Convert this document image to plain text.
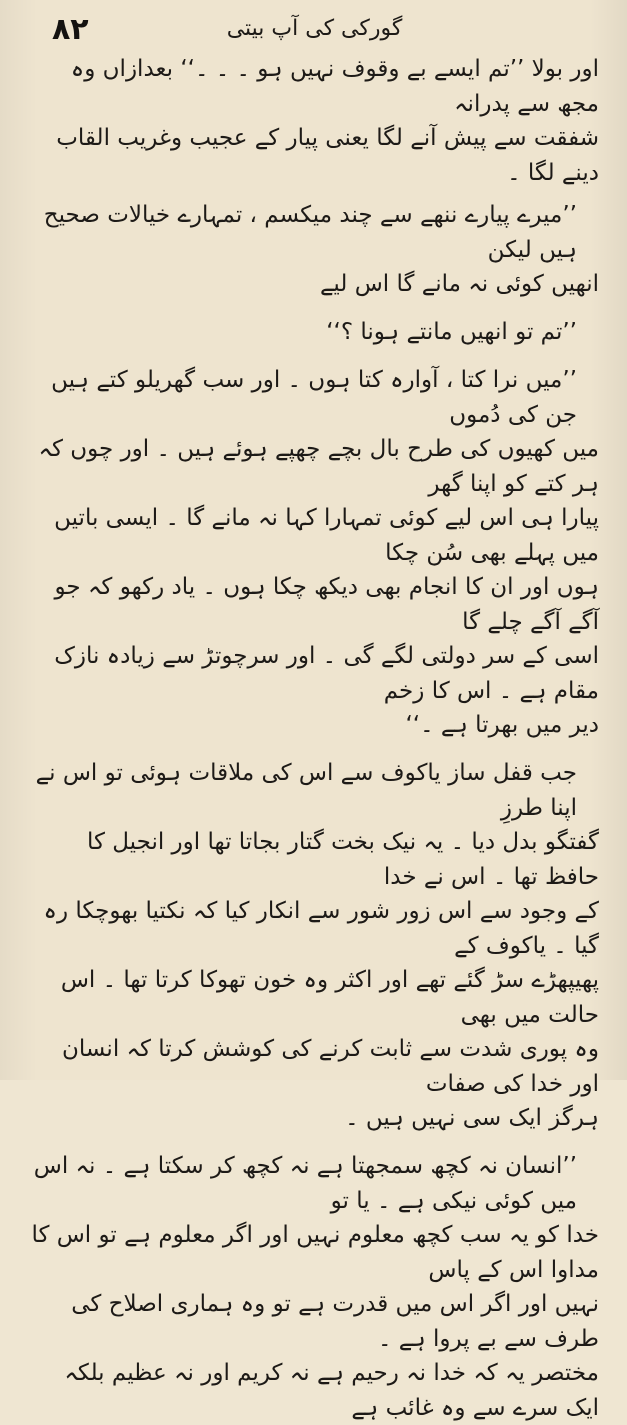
۸۲	گورکی کی آپ بیتی
اور بولا ’’تم ایسے بے وقوف نہیں ہو ۔ ۔ ۔‘‘ بعدازاں وہ مجھ سے پدرانہ
شفقت سے پیش آنے لگا یعنی پیار کے عجیب وغریب القاب دینے لگا ۔
’’میرے پیارے ننھے سے چند میکسم ، تمہارے خیالات صحیح ہیں لیکن
انھیں کوئی نہ مانے گا اس لیے
’’تم تو انھیں مانتے ہونا ؟‘‘
’’میں نرا کتا ، آوارہ کتا ہوں ۔ اور سب گھریلو کتے ہیں جن کی دُموں
میں کھیوں کی طرح بال بچے چھپے ہوئے ہیں ۔ اور چوں کہ ہر کتے کو اپنا گھر
پیارا ہی اس لیے کوئی تمہارا کہا نہ مانے گا ۔ ایسی باتیں میں پہلے بھی سُن چکا
ہوں اور ان کا انجام بھی دیکھ چکا ہوں ۔ یاد رکھو کہ جو آگے آگے چلے گا
اسی کے سر دولتی لگے گی ۔ اور سرچوتڑ سے زیادہ نازک مقام ہے ۔ اس کا زخم
دیر میں بھرتا ہے ۔‘‘
جب قفل ساز یاکوف سے اس کی ملاقات ہوئی تو اس نے اپنا طرزِ
گفتگو بدل دیا ۔ یہ نیک بخت گتار بجاتا تھا اور انجیل کا حافظ تھا ۔ اس نے خدا
کے وجود سے اس زور شور سے انکار کیا کہ نکتیا بھوچکا رہ گیا ۔ یاکوف کے
پھیپھڑے سڑ گئے تھے اور اکثر وہ خون تھوکا کرتا تھا ۔ اس حالت میں بھی
وہ پوری شدت سے ثابت کرنے کی کوشش کرتا کہ انسان اور خدا کی صفات
ہرگز ایک سی نہیں ہیں ۔
’’انسان نہ کچھ سمجھتا ہے نہ کچھ کر سکتا ہے ۔ نہ اس میں کوئی نیکی ہے ۔ یا تو
خدا کو یہ سب کچھ معلوم نہیں اور اگر معلوم ہے تو اس کا مداوا اس کے پاس
نہیں اور اگر اس میں قدرت ہے تو وہ ہماری اصلاح کی طرف سے بے پروا ہے ۔
مختصر یہ کہ خدا نہ رحیم ہے نہ کریم اور نہ عظیم بلکہ ایک سرے سے وہ غائب ہے
